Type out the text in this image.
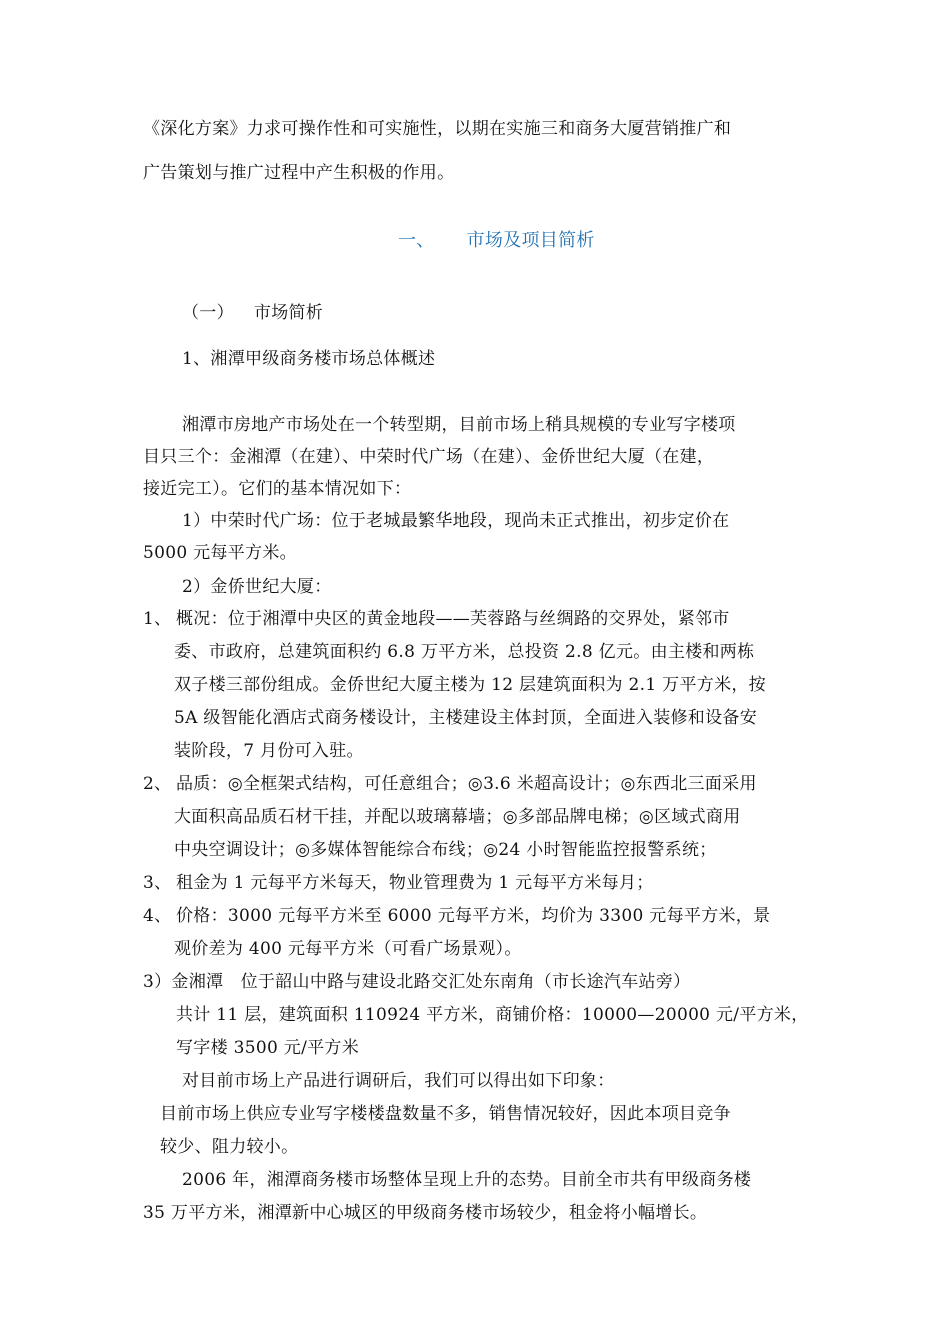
《深化方案》力求可操作性和可实施性，以期在实施三和商务大厦营销推广和
广告策划与推广过程中产生积极的作用。
一、 市场及项目简析
（一） 市场简析
1、湘潭甲级商务楼市场总体概述
湘潭市房地产市场处在一个转型期，目前市场上稍具规模的专业写字楼项
目只三个：金湘潭（在建）、中荣时代广场（在建）、金侨世纪大厦（在建，
接近完工）。它们的基本情况如下：
1）中荣时代广场：位于老城最繁华地段，现尚未正式推出，初步定价在
5000 元每平方米。
2）金侨世纪大厦：
1、 概况：位于湘潭中央区的黄金地段——芙蓉路与丝绸路的交界处，紧邻市
委、市政府，总建筑面积约 6.8 万平方米，总投资 2.8 亿元。由主楼和两栋
双子楼三部份组成。金侨世纪大厦主楼为 12 层建筑面积为 2.1 万平方米，按
5A 级智能化酒店式商务楼设计，主楼建设主体封顶，全面进入装修和设备安
装阶段，7 月份可入驻。
2、 品质：◎全框架式结构，可任意组合；◎3.6 米超高设计；◎东西北三面采用
大面积高品质石材干挂，并配以玻璃幕墙；◎多部品牌电梯；◎区域式商用
中央空调设计；◎多媒体智能综合布线；◎24 小时智能监控报警系统；
3、 租金为 1 元每平方米每天，物业管理费为 1 元每平方米每月；
4、 价格：3000 元每平方米至 6000 元每平方米，均价为 3300 元每平方米，景
观价差为 400 元每平方米（可看广场景观）。
3）金湘潭　位于韶山中路与建设北路交汇处东南角（市长途汽车站旁）
共计 11 层，建筑面积 110924 平方米，商铺价格：10000—20000 元/平方米，
写字楼 3500 元/平方米
对目前市场上产品进行调研后，我们可以得出如下印象：
目前市场上供应专业写字楼楼盘数量不多，销售情况较好，因此本项目竞争
较少、阻力较小。
2006 年，湘潭商务楼市场整体呈现上升的态势。目前全市共有甲级商务楼
35 万平方米，湘潭新中心城区的甲级商务楼市场较少，租金将小幅增长。
